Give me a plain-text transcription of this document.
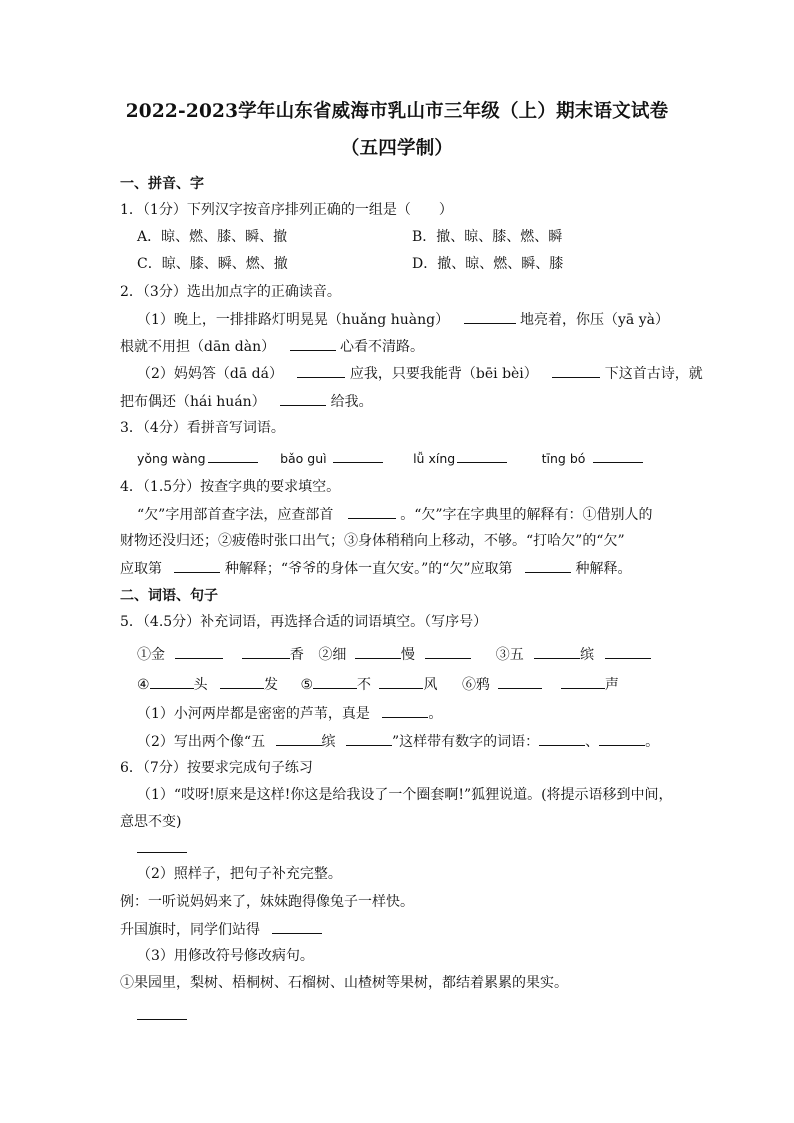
2022-2023学年山东省威海市乳山市三年级（上）期末语文试卷
（五四学制）
一、拼音、字
1．（1分）下列汉字按音序排列正确的一组是（　　）
A．晾、燃、膝、瞬、撤	B．撤、晾、膝、燃、瞬
C．晾、膝、瞬、燃、撤	D．撤、晾、燃、瞬、膝
2．（3分）选出加点字的正确读音。
（1）晚上，一排排路灯明晃晃（huǎng huàng）	地亮着，你压（yā yà）
根就不用担（dān dàn）	心看不清路。
（2）妈妈答（dā dá）	应我，只要我能背（bēi bèi）	下这首古诗，就
把布偶还（hái huán）	给我。
3．（4分）看拼音写词语。
yǒng wàng	bǎo guì	lǚ xíng	tīng bó
4．（1.5分）按查字典的要求填空。
“欠”字用部首查字法，应查部首	。“欠”字在字典里的解释有：①借别人的
财物还没归还；②疲倦时张口出气；③身体稍稍向上移动，不够。“打哈欠”的“欠”
应取第	种解释；“爷爷的身体一直欠安。”的“欠”应取第	种解释。
二、词语、句子
5．（4.5分）补充词语，再选择合适的词语填空。（写序号）
①金	香 ②细	慢	③五	缤
④	头	发 ⑤	不	风 ⑥鸦	声
（1）小河两岸都是密密的芦苇，真是	。
（2）写出两个像“五	缤	”这样带有数字的词语：	、	。
6．（7分）按要求完成句子练习
（1）“哎呀!原来是这样!你这是给我设了一个圈套啊!”狐狸说道。(将提示语移到中间，
意思不变)
（2）照样子，把句子补充完整。
例：一听说妈妈来了，妹妹跑得像兔子一样快。
升国旗时，同学们站得
（3）用修改符号修改病句。
①果园里，梨树、梧桐树、石榴树、山楂树等果树，都结着累累的果实。
